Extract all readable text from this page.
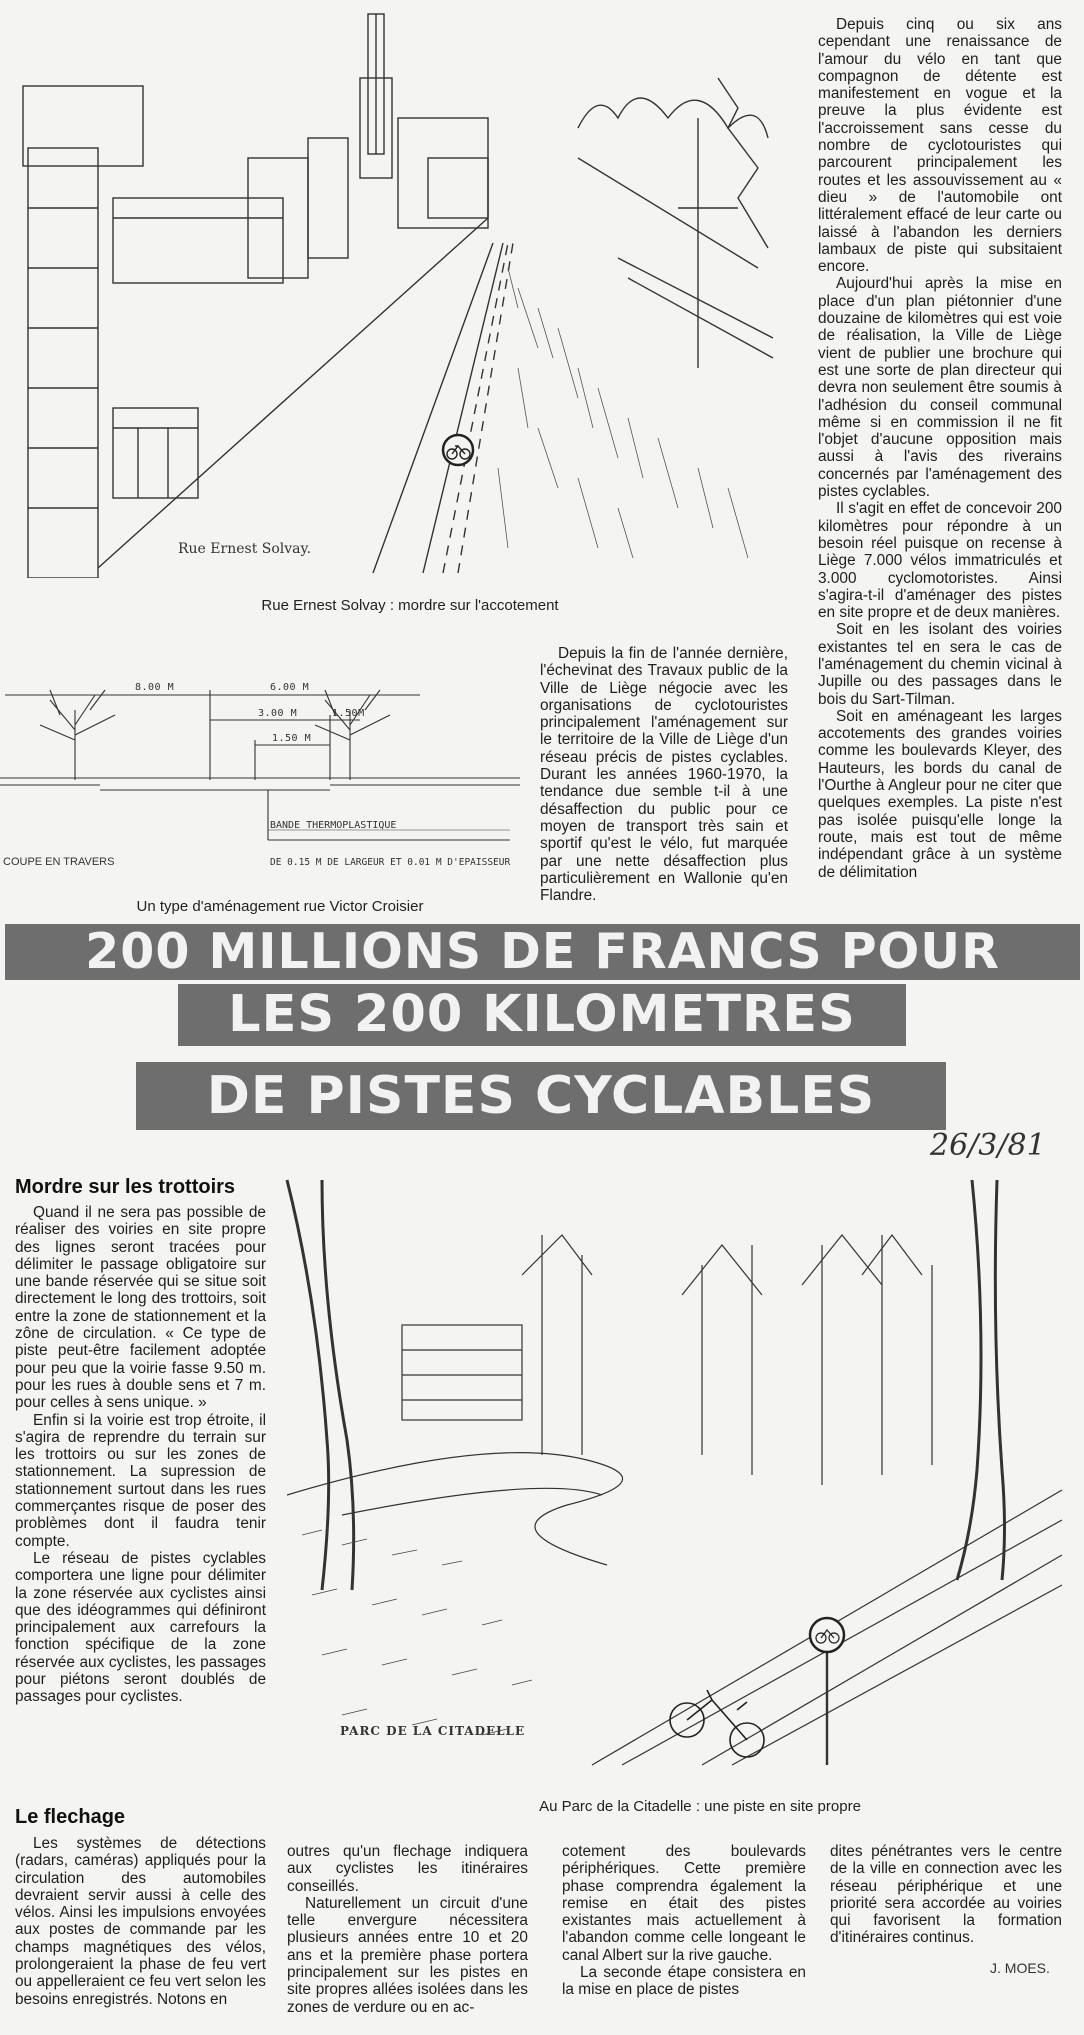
Rue Ernest Solvay.
Rue Ernest Solvay : mordre sur l'accotement
8.00 M	6.00 M
3.00 M	1.50M
1.50 M
BANDE THERMOPLASTIQUE
DE 0.15 M DE LARGEUR ET 0.01 M D'EPAISSEUR
COUPE EN TRAVERS
Un type d'aménagement rue Victor Croisier

Depuis cinq ou six ans cependant une renaissance de l'amour du vélo en tant que compagnon de détente est manifestement en vogue et la preuve la plus évidente est l'accroissement sans cesse du nombre de cyclotouristes qui parcourent principalement les routes et les assouvissement au « dieu » de l'automobile ont littéralement effacé de leur carte ou laissé à l'abandon les derniers lambaux de piste qui subsitaient encore.

Aujourd'hui après la mise en place d'un plan piétonnier d'une douzaine de kilomètres qui est voie de réalisation, la Ville de Liège vient de publier une brochure qui est une sorte de plan directeur qui devra non seulement être soumis à l'adhésion du conseil communal même si en commission il ne fit l'objet d'aucune opposition mais aussi à l'avis des riverains concernés par l'aménagement des pistes cyclables.

Il s'agit en effet de concevoir 200 kilomètres pour répondre à un besoin réel puisque on recense à Liège 7.000 vélos immatriculés et 3.000 cyclomotoristes. Ainsi s'agira-t-il d'aménager des pistes en site propre et de deux manières.

Soit en les isolant des voiries existantes tel en sera le cas de l'aménagement du chemin vicinal à Jupille ou des passages dans le bois du Sart-Tilman.

Soit en aménageant les larges accotements des grandes voiries comme les boulevards Kleyer, des Hauteurs, les bords du canal de l'Ourthe à Angleur pour ne citer que quelques exemples. La piste n'est pas isolée puisqu'elle longe la route, mais est tout de même indépendant grâce à un système de délimitation

Depuis la fin de l'année dernière, l'échevinat des Travaux public de la Ville de Liège négocie avec les organisations de cyclotouristes principalement l'aménagement sur le territoire de la Ville de Liège d'un réseau précis de pistes cyclables. Durant les années 1960-1970, la tendance due semble t-il à une désaffection du public pour ce moyen de transport très sain et sportif qu'est le vélo, fut marquée par une nette désaffection plus particulièrement en Wallonie qu'en Flandre.

200 MILLIONS DE FRANCS POUR
LES 200 KILOMETRES
DE PISTES CYCLABLES
26/3/81
PARC DE LA CITADELLE
Au Parc de la Citadelle : une piste en site propre
Mordre sur les trottoirs

Quand il ne sera pas possible de réaliser des voiries en site propre des lignes seront tracées pour délimiter le passage obligatoire sur une bande réservée qui se situe soit directement le long des trottoirs, soit entre la zone de stationnement et la zône de circulation. « Ce type de piste peut-être facilement adoptée pour peu que la voirie fasse 9.50 m. pour les rues à double sens et 7 m. pour celles à sens unique. »

Enfin si la voirie est trop étroite, il s'agira de reprendre du terrain sur les trottoirs ou sur les zones de stationnement. La supression de stationnement surtout dans les rues commerçantes risque de poser des problèmes dont il faudra tenir compte.

Le réseau de pistes cyclables comportera une ligne pour délimiter la zone réservée aux cyclistes ainsi que des idéogrammes qui définiront principalement aux carrefours la fonction spécifique de la zone réservée aux cyclistes, les passages pour piétons seront doublés de passages pour cyclistes.

Le flechage

Les systèmes de détections (radars, caméras) appliqués pour la circulation des automobiles devraient servir aussi à celle des vélos. Ainsi les impulsions envoyées aux postes de commande par les champs magnétiques des vélos, prolongeraient la phase de feu vert ou appelleraient ce feu vert selon les besoins enregistrés. Notons en

outres qu'un flechage indiquera aux cyclistes les itinéraires conseillés.

Naturellement un circuit d'une telle envergure nécessitera plusieurs années entre 10 et 20 ans et la première phase portera principalement sur les pistes en site propres allées isolées dans les zones de verdure ou en ac-

cotement des boulevards périphériques. Cette première phase comprendra également la remise en était des pistes existantes mais actuellement à l'abandon comme celle longeant le canal Albert sur la rive gauche.

La seconde étape consistera en la mise en place de pistes

dites pénétrantes vers le centre de la ville en connection avec les réseau périphérique et une priorité sera accordée au voiries qui favorisent la formation d'itinéraires continus.

J. MOES.
